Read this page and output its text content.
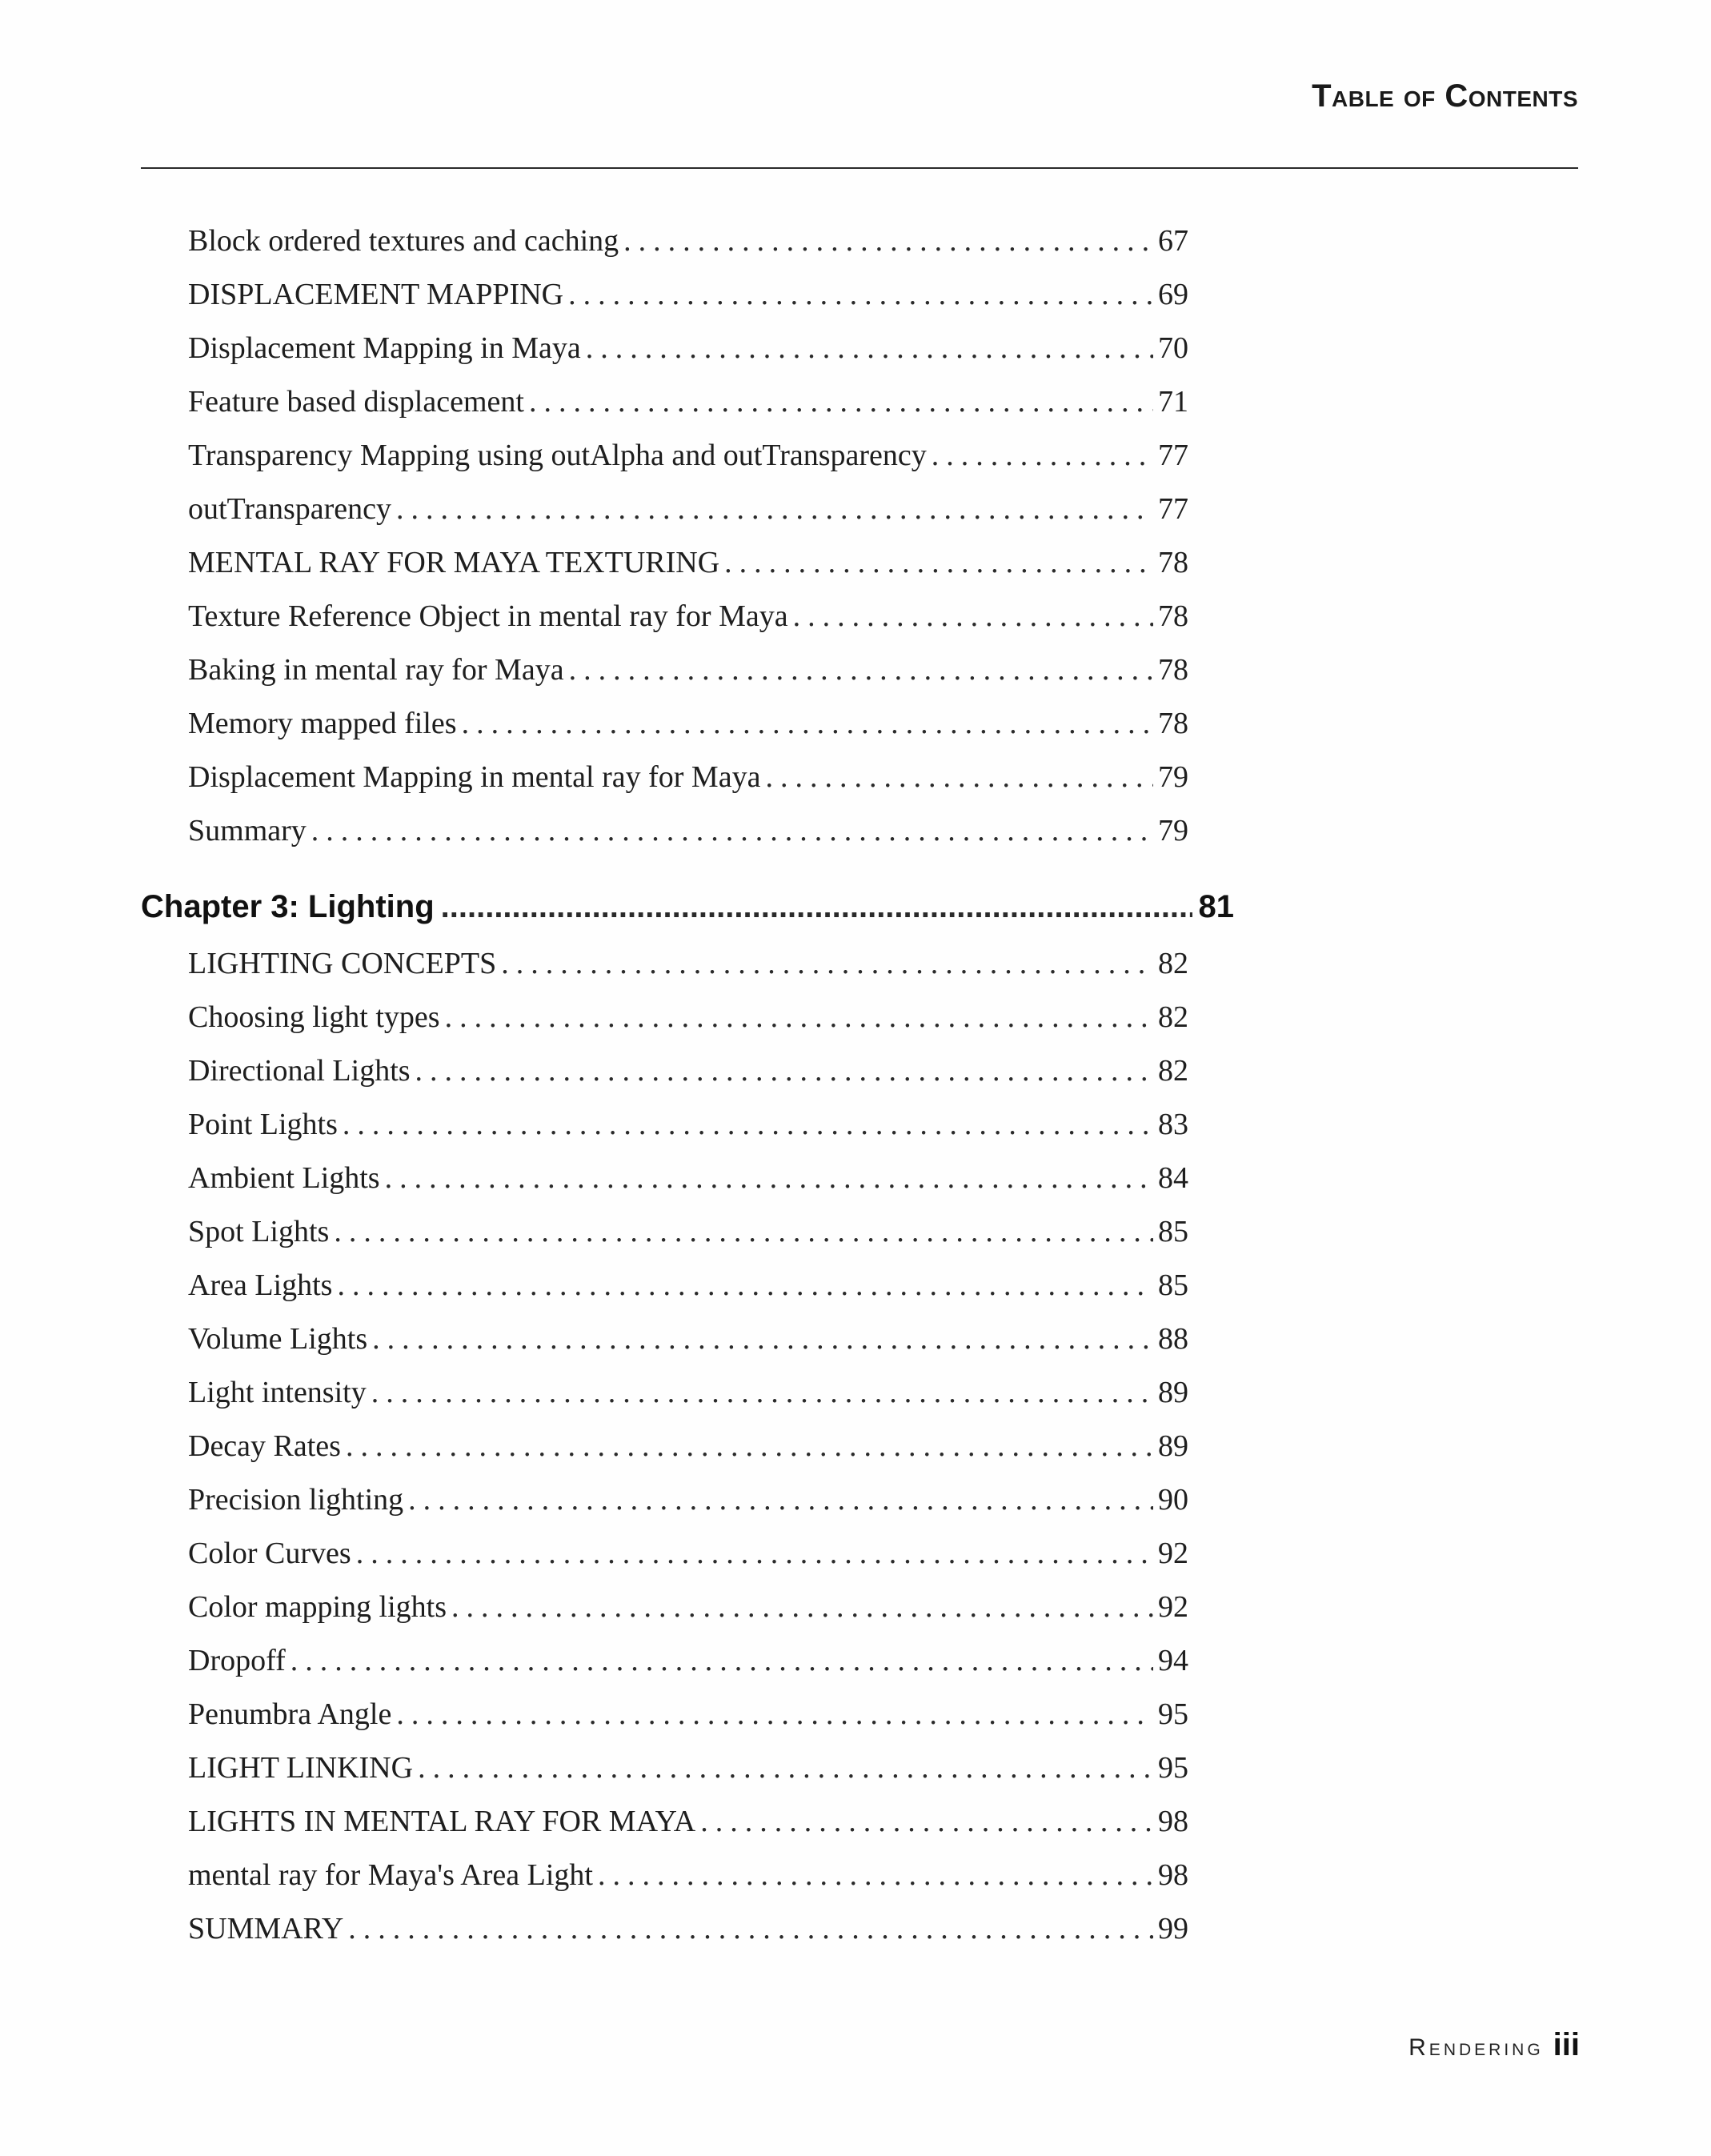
Table of Contents
Block ordered textures and caching .....	67
DISPLACEMENT MAPPING .....	69
Displacement Mapping in Maya .....	70
Feature based displacement .....	71
Transparency Mapping using outAlpha and outTransparency .....	77
outTransparency .....	77
MENTAL RAY FOR MAYA TEXTURING .....	78
Texture Reference Object in mental ray for Maya .....	78
Baking in mental ray for Maya .....	78
Memory mapped files .....	78
Displacement Mapping in mental ray for Maya .....	79
Summary .....	79
Chapter 3: Lighting .....	81
LIGHTING CONCEPTS .....	82
Choosing light types .....	82
Directional Lights .....	82
Point Lights .....	83
Ambient Lights .....	84
Spot Lights .....	85
Area Lights .....	85
Volume Lights .....	88
Light intensity .....	89
Decay Rates .....	89
Precision lighting .....	90
Color Curves .....	92
Color mapping lights .....	92
Dropoff .....	94
Penumbra Angle .....	95
LIGHT LINKING .....	95
LIGHTS IN MENTAL RAY FOR MAYA .....	98
mental ray for Maya's Area Light .....	98
SUMMARY .....	99
Rendering iii
